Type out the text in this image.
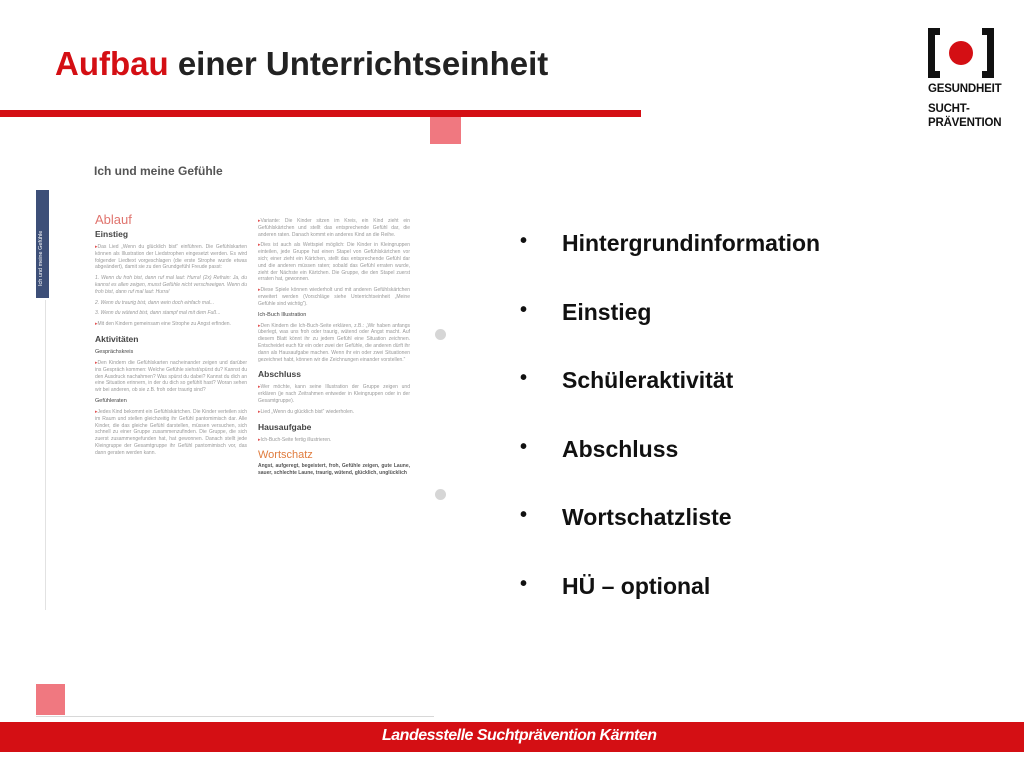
Aufbau einer Unterrichtseinheit
GESUNDHEIT
SUCHT-
PRÄVENTION
Ich und meine Gefühle
Ich und meine Gefühle
Ablauf
Einstieg
▸ Das Lied „Wenn du glücklich bist“ einführen. Die Gefühlskarten können als Illustration der Liedstrophen eingesetzt werden. Es wird folgender Liedtext vorgeschlagen (die erste Strophe wurde etwas abgeändert), damit sie zu den Grundgefühl Freude passt:
1. Wenn du froh bist, dann ruf mal laut: Hurra! (2x) Refrain: Ja, du kannst es allen zeigen, musst Gefühle nicht verschweigen. Wenn du froh bist, dann ruf mal laut: Hurra!
2. Wenn du traurig bist, dann wein doch einfach mal...
3. Wenn du wütend bist, dann stampf mal mit dem Fuß...
▸ Mit den Kindern gemeinsam eine Strophe zu Angst erfinden.
Aktivitäten
Gesprächskreis
▸ Den Kindern die Gefühlskarten nacheinander zeigen und darüber ins Gespräch kommen: Welche Gefühle siehst/spürst du? Kannst du den Ausdruck nachahmen? Was spürst du dabei? Kannst du dich an eine Situation erinnern, in der du dich so gefühlt hast? Woran sehen wir bei anderen, ob sie z.B. froh oder traurig sind?
Gefühleraten
▸ Jedes Kind bekommt ein Gefühlskärtchen. Die Kinder verteilen sich im Raum und stellen gleichzeitig ihr Gefühl pantomimisch dar. Alle Kinder, die das gleiche Gefühl darstellen, müssen versuchen, sich schnell zu einer Gruppe zusammenzufinden. Die Gruppe, die sich zuerst zusammengefunden hat, hat gewonnen. Danach stellt jede Kleingruppe der Gesamtgruppe ihr Gefühl pantomimisch vor, das dann geraten werden kann.
▸ Variante: Die Kinder sitzen im Kreis, ein Kind zieht ein Gefühlskärtchen und stellt das entsprechende Gefühl dar, die anderen raten. Danach kommt ein anderes Kind an die Reihe.
▸ Dies ist auch als Wettspiel möglich: Die Kinder in Kleingruppen einteilen, jede Gruppe hat einen Stapel von Gefühlskärtchen vor sich; einer zieht ein Kärtchen, stellt das entsprechende Gefühl dar und die anderen müssen raten; sobald das Gefühl erraten wurde, zieht der Nächste ein Kärtchen. Die Gruppe, die den Stapel zuerst erraten hat, gewonnen.
▸ Diese Spiele können wiederholt und mit anderen Gefühlskärtchen erweitert werden (Vorschläge siehe Unterrichtseinheit „Meine Gefühle sind wichtig“).
Ich-Buch Illustration
▸ Den Kindern die Ich-Buch-Seite erklären, z.B.: „Wir haben anfangs überlegt, was uns froh oder traurig, wütend oder Angst macht. Auf diesem Blatt könnt ihr zu jedem Gefühl eine Situation zeichnen. Entscheidet euch für ein oder zwei der Gefühle, die anderen dürft ihr dann als Hausaufgabe machen. Wenn ihr ein oder zwei Situationen gezeichnet habt, können wir die Zeichnungen einander vorstellen.“
Abschluss
▸ Wer möchte, kann seine Illustration der Gruppe zeigen und erklären (je nach Zeitrahmen entweder in Kleingruppen oder in der Gesamtgruppe).
▸ Lied „Wenn du glücklich bist“ wiederholen.
Hausaufgabe
▸ Ich-Buch-Seite fertig illustrieren.
Wortschatz
Angst, aufgeregt, begeistert, froh, Gefühle zeigen, gute Laune, sauer, schlechte Laune, traurig, wütend, glücklich, unglücklich
• Hintergrundinformation
• Einstieg
• Schüleraktivität
• Abschluss
• Wortschatzliste
• HÜ – optional
Landesstelle Suchtprävention Kärnten
